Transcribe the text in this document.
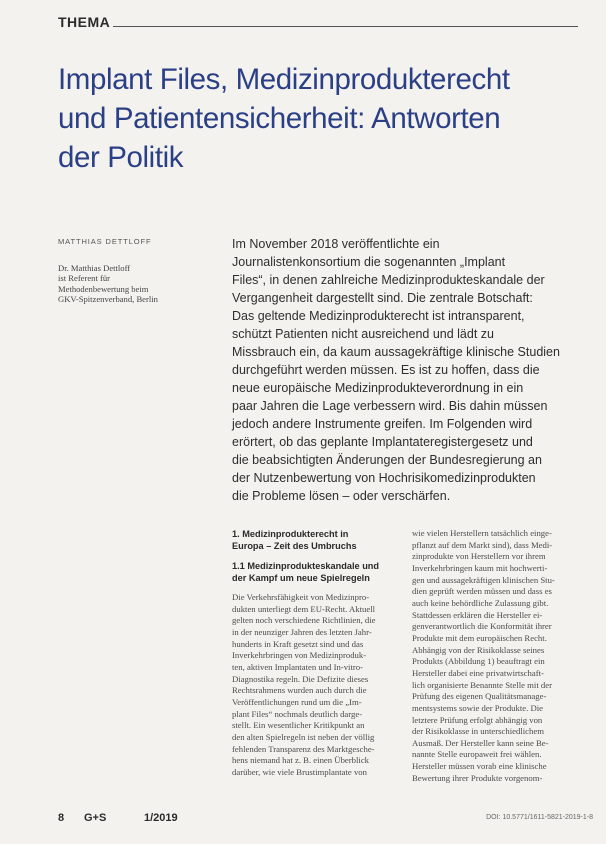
THEMA
Implant Files, Medizinprodukterecht
und Patientensicherheit: Antworten
der Politik
MATTHIAS DETTLOFF
Dr. Matthias Dettloff
ist Referent für
Methodenbewertung beim
GKV-Spitzenverband, Berlin
Im November 2018 veröffentlichte ein
Journalistenkonsortium die sogenannten „Implant
Files“, in denen zahlreiche Medizinprodukteskandale der
Vergangenheit dargestellt sind. Die zentrale Botschaft:
Das geltende Medizinprodukterecht ist intransparent,
schützt Patienten nicht ausreichend und lädt zu
Missbrauch ein, da kaum aussagekräftige klinische Studien
durchgeführt werden müssen. Es ist zu hoffen, dass die
neue europäische Medizinprodukteverordnung in ein
paar Jahren die Lage verbessern wird. Bis dahin müssen
jedoch andere Instrumente greifen. Im Folgenden wird
erörtert, ob das geplante Implantateregistergesetz und
die beabsichtigten Änderungen der Bundesregierung an
der Nutzenbewertung von Hochrisikomedizinprodukten
die Probleme lösen – oder verschärfen.
1. Medizinprodukterecht in
Europa – Zeit des Umbruchs
1.1 Medizinprodukteskandale und
der Kampf um neue Spielregeln
Die Verkehrsfähigkeit von Medizinpro-
dukten unterliegt dem EU-Recht. Aktuell
gelten noch verschiedene Richtlinien, die
in der neunziger Jahren des letzten Jahr-
hunderts in Kraft gesetzt sind und das
Inverkehrbringen von Medizinproduk-
ten, aktiven Implantaten und In-vitro-
Diagnostika regeln. Die Defizite dieses
Rechtsrahmens wurden auch durch die
Veröffentlichungen rund um die „Im-
plant Files“ nochmals deutlich darge-
stellt. Ein wesentlicher Kritikpunkt an
den alten Spielregeln ist neben der völlig
fehlenden Transparenz des Marktgesche-
hens niemand hat z. B. einen Überblick
darüber, wie viele Brustimplantate von
wie vielen Herstellern tatsächlich einge-
pflanzt auf dem Markt sind), dass Medi-
zinprodukte von Herstellern vor ihrem
Inverkehrbringen kaum mit hochwerti-
gen und aussagekräftigen klinischen Stu-
dien geprüft werden müssen und dass es
auch keine behördliche Zulassung gibt.
Stattdessen erklären die Hersteller ei-
genverantwortlich die Konformität ihrer
Produkte mit dem europäischen Recht.
Abhängig von der Risikoklasse seines
Produkts (Abbildung 1) beauftragt ein
Hersteller dabei eine privatwirtschaft-
lich organisierte Benannte Stelle mit der
Prüfung des eigenen Qualitätsmanage-
mentsystems sowie der Produkte. Die
letztere Prüfung erfolgt abhängig von
der Risikoklasse in unterschiedlichem
Ausmaß. Der Hersteller kann seine Be-
nannte Stelle europaweit frei wählen.
Hersteller müssen vorab eine klinische
Bewertung ihrer Produkte vorgenom-
8 G+S	1/2019	DOI: 10.5771/1611-5821-2019-1-8
